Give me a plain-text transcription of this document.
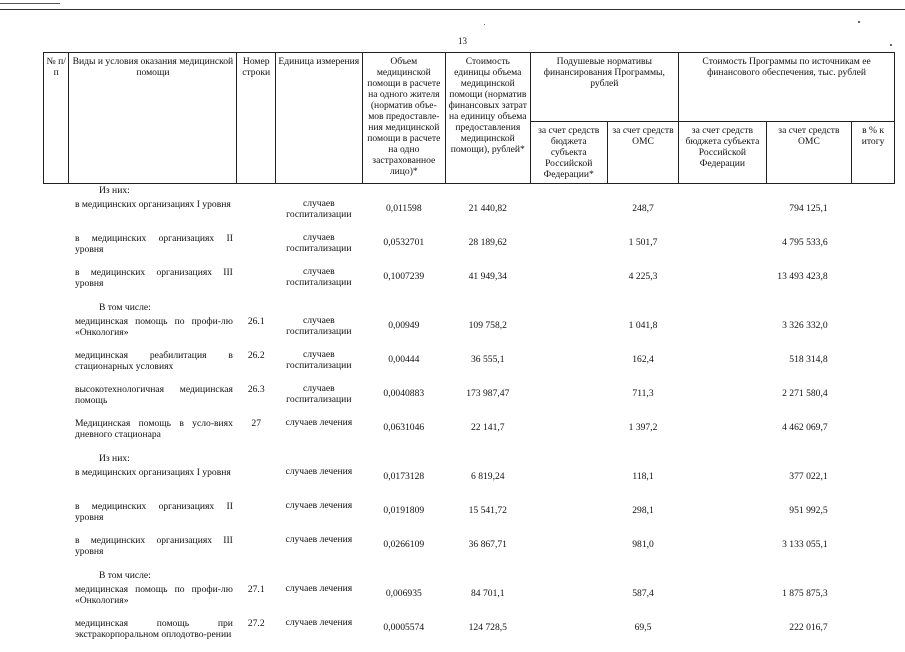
13
№ п/п	Виды и условия оказания медицинской помощи	Номер строки	Единица измерения	Объем медицинской помощи в расчете на одного жителя (норматив объе-мов предоставле-ния медицинской помощи в расчете на одно застрахованное лицо)*	Стоимость единицы объема медицинской помощи (норматив финансовых затрат на единицу объема предоставления медицинской помощи), рублей*	Подушевые нормативы финансирования Программы, рублей		Стоимость Программы по источникам ее финансового обеспечения, тыс. рублей		
						за счет средств бюджета субъекта Российской Федерации*	за счет средств ОМС	за счет средств бюджета субъекта Российской Федерации	за счет средств ОМС	в % к итогу
	Из них:									
	в медицинских организациях I уровня		случаев госпитализации	0,011598	21 440,82		248,7		794 125,1	
	в медицинских организациях II уровня		случаев госпитализации	0,0532701	28 189,62		1 501,7		4 795 533,6	
	в медицинских организациях III уровня		случаев госпитализации	0,1007239	41 949,34		4 225,3		13 493 423,8	
	В том числе:									
	медицинская помощь по профи-лю «Онкология»	26.1	случаев госпитализации	0,00949	109 758,2		1 041,8		3 326 332,0	
	медицинская реабилитация в стационарных условиях	26.2	случаев госпитализации	0,00444	36 555,1		162,4		518 314,8	
	высокотехнологичная медицинская помощь	26.3	случаев госпитализации	0,0040883	173 987,47		711,3		2 271 580,4	
	Медицинская помощь в усло-виях дневного стационара	27	случаев лечения	0,0631046	22 141,7		1 397,2		4 462 069,7	
	Из них:									
	в медицинских организациях I уровня		случаев лечения	0,0173128	6 819,24		118,1		377 022,1	
	в медицинских организациях II уровня		случаев лечения	0,0191809	15 541,72		298,1		951 992,5	
	в медицинских организациях III уровня		случаев лечения	0,0266109	36 867,71		981,0		3 133 055,1	
	В том числе:									
	медицинская помощь по профи-лю «Онкология»	27.1	случаев лечения	0,006935	84 701,1		587,4		1 875 875,3	
	медицинская помощь при экстракорпоральном оплодотво-рении	27.2	случаев лечения	0,0005574	124 728,5		69,5		222 016,7	
